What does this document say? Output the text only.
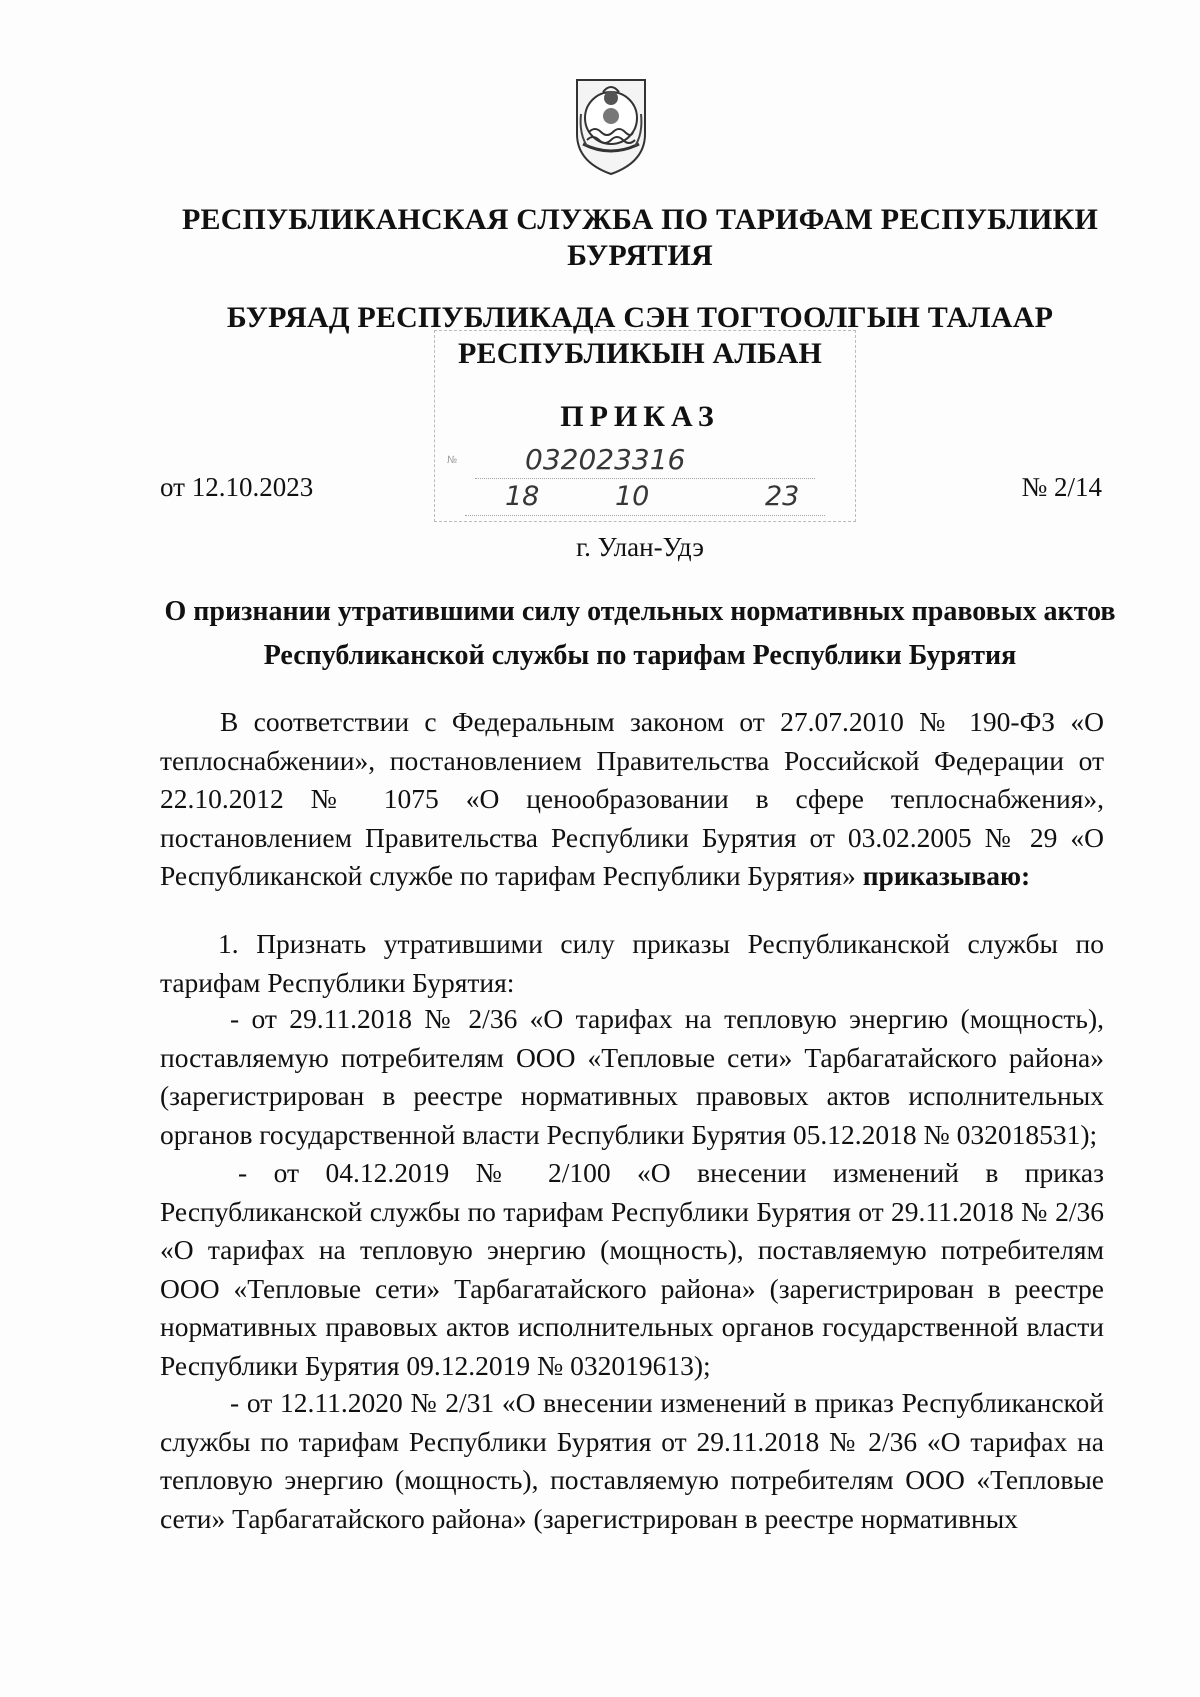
РЕСПУБЛИКАНСКАЯ СЛУЖБА ПО ТАРИФАМ РЕСПУБЛИКИ БУРЯТИЯ
№	032023316
18	10	23
БУРЯАД РЕСПУБЛИКАДА СЭН ТОГТООЛГЫН ТАЛААР РЕСПУБЛИКЫН АЛБАН
ПРИКАЗ
от 12.10.2023	№ 2/14
г. Улан-Удэ
О признании утратившими силу отдельных нормативных правовых актов Республиканской службы по тарифам Республики Бурятия
В соответствии с Федеральным законом от 27.07.2010 № 190-ФЗ «О теплоснабжении», постановлением Правительства Российской Федерации от 22.10.2012 № 1075 «О ценообразовании в сфере теплоснабжения», постановлением Правительства Республики Бурятия от 03.02.2005 № 29 «О Республиканской службе по тарифам Республики Бурятия» приказываю:
1. Признать утратившими силу приказы Республиканской службы по тарифам Республики Бурятия:
- от 29.11.2018 № 2/36 «О тарифах на тепловую энергию (мощность), поставляемую потребителям ООО «Тепловые сети» Тарбагатайского района» (зарегистрирован в реестре нормативных правовых актов исполнительных органов государственной власти Республики Бурятия 05.12.2018 № 032018531);
- от 04.12.2019 № 2/100 «О внесении изменений в приказ Республиканской службы по тарифам Республики Бурятия от 29.11.2018 № 2/36 «О тарифах на тепловую энергию (мощность), поставляемую потребителям ООО «Тепловые сети» Тарбагатайского района» (зарегистрирован в реестре нормативных правовых актов исполнительных органов государственной власти Республики Бурятия 09.12.2019 № 032019613);
- от 12.11.2020 № 2/31 «О внесении изменений в приказ Республиканской службы по тарифам Республики Бурятия от 29.11.2018 № 2/36 «О тарифах на тепловую энергию (мощность), поставляемую потребителям ООО «Тепловые сети» Тарбагатайского района» (зарегистрирован в реестре нормативных
